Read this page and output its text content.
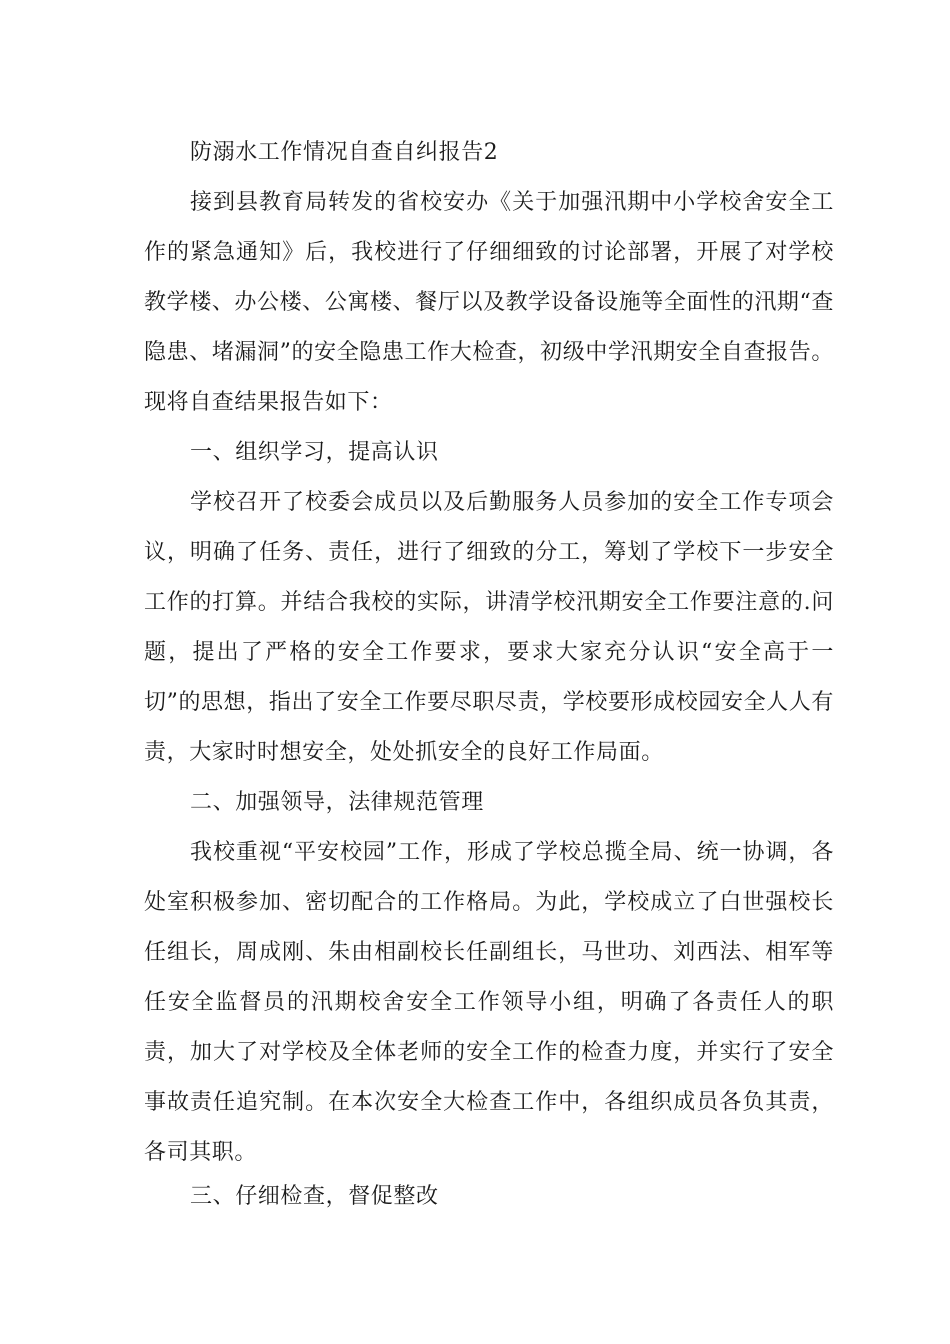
防溺水工作情况自查自纠报告2

接到县教育局转发的省校安办《关于加强汛期中小学校舍安全工作的紧急通知》后，我校进行了仔细细致的讨论部署，开展了对学校教学楼、办公楼、公寓楼、餐厅以及教学设备设施等全面性的汛期“查隐患、堵漏洞”的安全隐患工作大检查，初级中学汛期安全自查报告。现将自查结果报告如下：

一、组织学习，提高认识

学校召开了校委会成员以及后勤服务人员参加的安全工作专项会议，明确了任务、责任，进行了细致的分工，筹划了学校下一步安全工作的打算。并结合我校的实际，讲清学校汛期安全工作要注意的.问题，提出了严格的安全工作要求，要求大家充分认识“安全高于一切”的思想，指出了安全工作要尽职尽责，学校要形成校园安全人人有责，大家时时想安全，处处抓安全的良好工作局面。

二、加强领导，法律规范管理

我校重视“平安校园”工作，形成了学校总揽全局、统一协调，各处室积极参加、密切配合的工作格局。为此，学校成立了白世强校长任组长，周成刚、朱由相副校长任副组长，马世功、刘西法、相军等任安全监督员的汛期校舍安全工作领导小组，明确了各责任人的职责，加大了对学校及全体老师的安全工作的检查力度，并实行了安全事故责任追究制。在本次安全大检查工作中，各组织成员各负其责，各司其职。

三、仔细检查，督促整改
